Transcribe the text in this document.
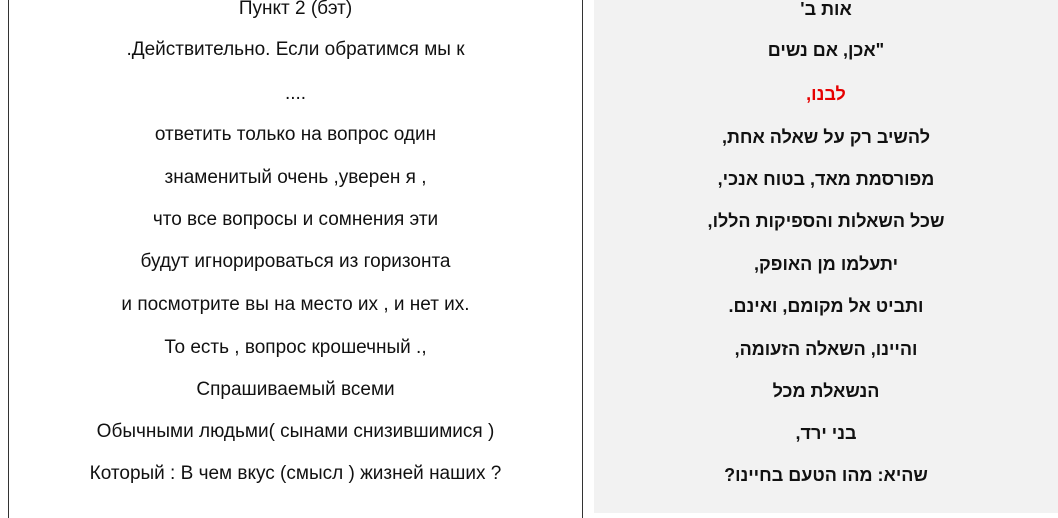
Пункт 2 (бэт)
.Действительно. Если обратимся мы к
....
ответить только на вопрос один
знаменитый очень ,уверен я ,
что все вопросы и сомнения эти
будут игнорироваться из горизонта
и посмотрите вы на место их , и нет их.
То есть , вопрос крошечный .,
Спрашиваемый всеми
Обычными людьми( сынами снизившимися )
Который : В чем вкус (смысл ) жизней наших ?
'אות ב
אכן, אם נשים"
,לבנו
,להשיב רק על שאלה אחת
,מפורסמת מאד, בטוח אנכי
,שכל השאלות והספיקות הללו
,יתעלמו מן האופק
.ותביט אל מקומם, ואינם
,והיינו, השאלה הזעומה
הנשאלת מכל
,בני ירד
?שהיא: מהו הטעם בחיינו
